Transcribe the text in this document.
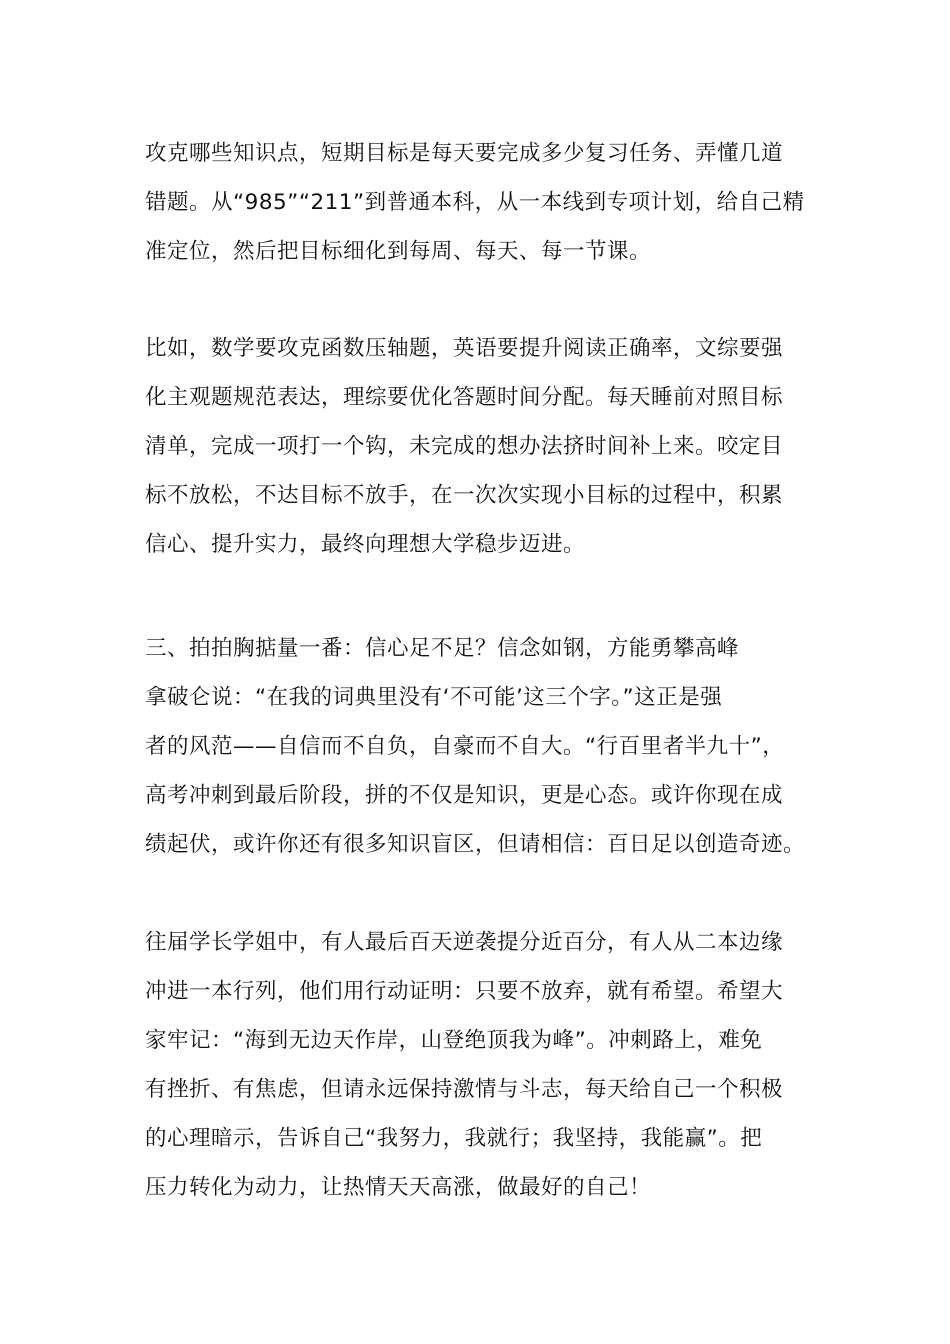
攻克哪些知识点，短期目标是每天要完成多少复习任务、弄懂几道
错题。从“985”“211”到普通本科，从一本线到专项计划，给自己精
准定位，然后把目标细化到每周、每天、每一节课。
比如，数学要攻克函数压轴题，英语要提升阅读正确率，文综要强
化主观题规范表达，理综要优化答题时间分配。每天睡前对照目标
清单，完成一项打一个钩，未完成的想办法挤时间补上来。咬定目
标不放松，不达目标不放手，在一次次实现小目标的过程中，积累
信心、提升实力，最终向理想大学稳步迈进。
三、拍拍胸掂量一番：信心足不足？信念如钢，方能勇攀高峰
拿破仑说：“在我的词典里没有‘不可能’这三个字。”这正是强
者的风范——自信而不自负，自豪而不自大。“行百里者半九十”，
高考冲刺到最后阶段，拼的不仅是知识，更是心态。或许你现在成
绩起伏，或许你还有很多知识盲区，但请相信：百日足以创造奇迹。
往届学长学姐中，有人最后百天逆袭提分近百分，有人从二本边缘
冲进一本行列，他们用行动证明：只要不放弃，就有希望。希望大
家牢记：“海到无边天作岸，山登绝顶我为峰”。冲刺路上，难免
有挫折、有焦虑，但请永远保持激情与斗志，每天给自己一个积极
的心理暗示，告诉自己“我努力，我就行；我坚持，我能赢”。把
压力转化为动力，让热情天天高涨，做最好的自己！
